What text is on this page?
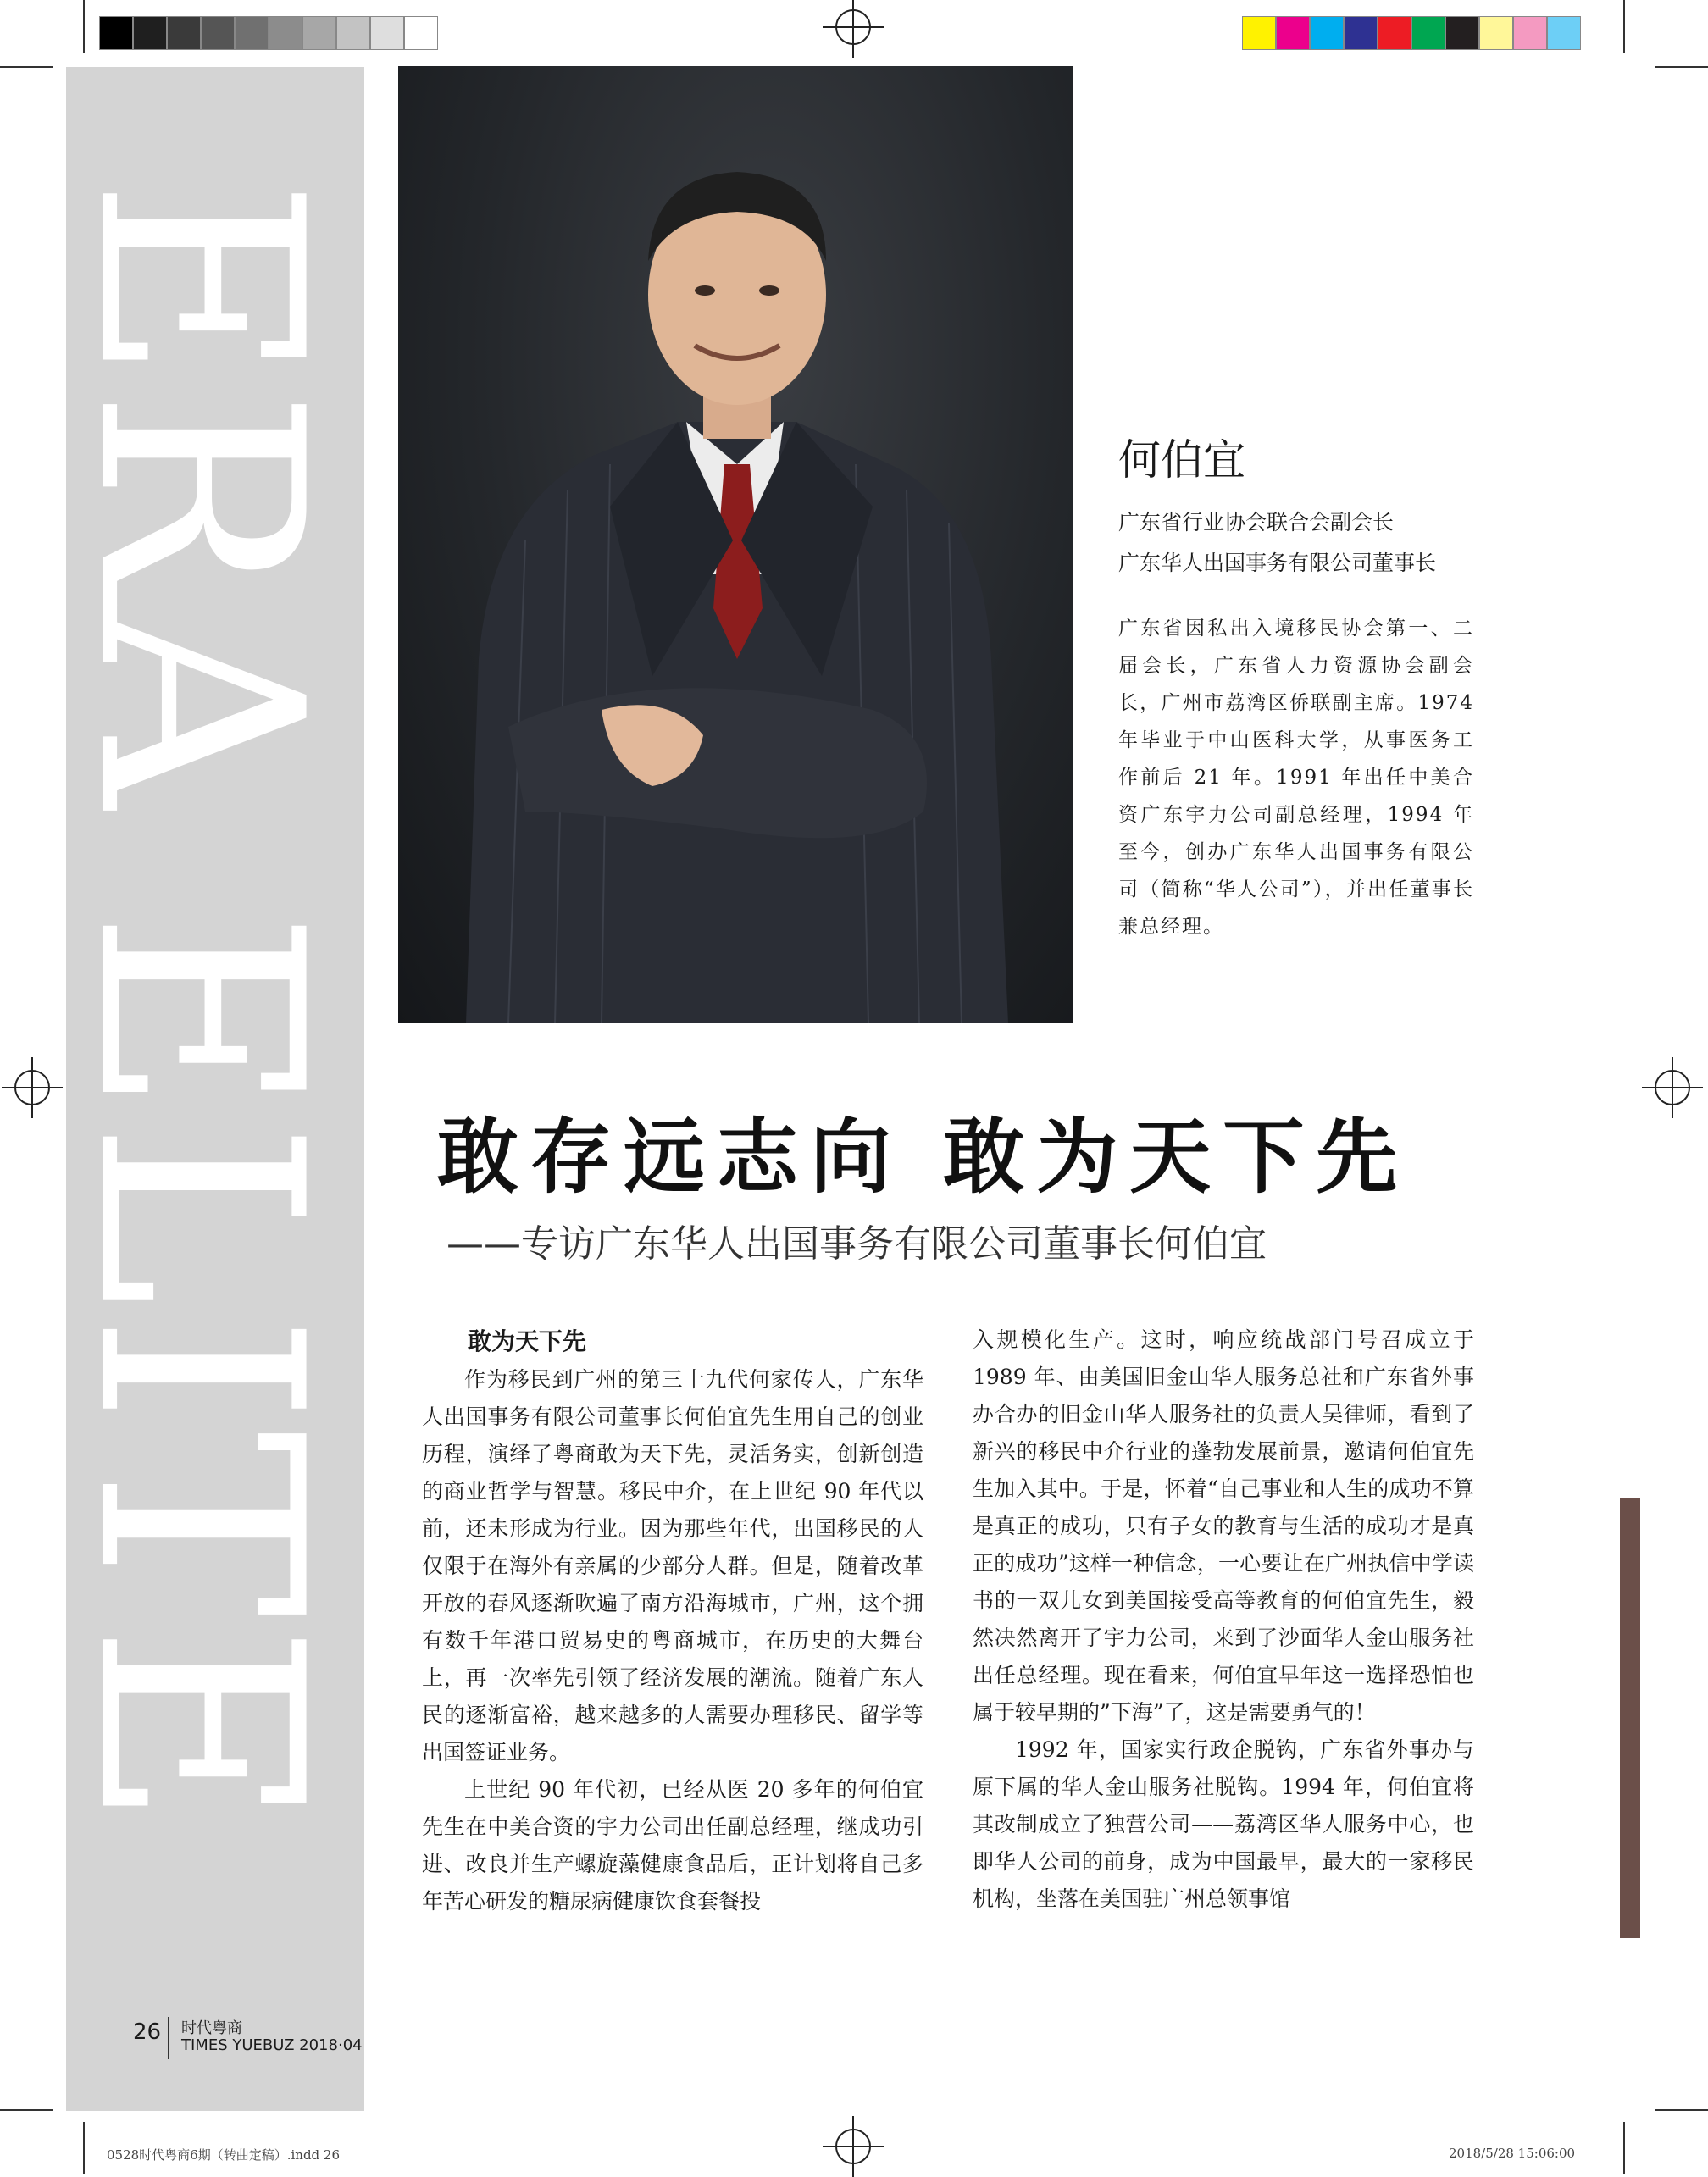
ERA ELITE	何伯宜
广东省行业协会联合会副会长
广东华人出国事务有限公司董事长
广东省因私出入境移民协会第一、二届会长，广东省人力资源协会副会长，广州市荔湾区侨联副主席。1974 年毕业于中山医科大学，从事医务工作前后 21 年。1991 年出任中美合资广东宇力公司副总经理，1994 年至今，创办广东华人出国事务有限公司（简称“华人公司”），并出任董事长兼总经理。
敢存远志向 敢为天下先
——专访广东华人出国事务有限公司董事长何伯宜
敢为天下先

作为移民到广州的第三十九代何家传人，广东华人出国事务有限公司董事长何伯宜先生用自己的创业历程，演绎了粤商敢为天下先，灵活务实，创新创造的商业哲学与智慧。移民中介，在上世纪 90 年代以前，还未形成为行业。因为那些年代，出国移民的人仅限于在海外有亲属的少部分人群。但是，随着改革开放的春风逐渐吹遍了南方沿海城市，广州，这个拥有数千年港口贸易史的粤商城市，在历史的大舞台上，再一次率先引领了经济发展的潮流。随着广东人民的逐渐富裕，越来越多的人需要办理移民、留学等出国签证业务。

上世纪 90 年代初，已经从医 20 多年的何伯宜先生在中美合资的宇力公司出任副总经理，继成功引进、改良并生产螺旋藻健康食品后，正计划将自己多年苦心研发的糖尿病健康饮食套餐投

入规模化生产。这时，响应统战部门号召成立于 1989 年、由美国旧金山华人服务总社和广东省外事办合办的旧金山华人服务社的负责人吴律师，看到了新兴的移民中介行业的蓬勃发展前景，邀请何伯宜先生加入其中。于是，怀着“自己事业和人生的成功不算是真正的成功，只有子女的教育与生活的成功才是真正的成功”这样一种信念，一心要让在广州执信中学读书的一双儿女到美国接受高等教育的何伯宜先生，毅然决然离开了宇力公司，来到了沙面华人金山服务社出任总经理。现在看来，何伯宜早年这一选择恐怕也属于较早期的”下海”了，这是需要勇气的！

1992 年，国家实行政企脱钩，广东省外事办与原下属的华人金山服务社脱钩。1994 年，何伯宜将其改制成立了独营公司——荔湾区华人服务中心，也即华人公司的前身，成为中国最早，最大的一家移民机构，坐落在美国驻广州总领事馆

26 时代粤商
TIMES YUEBUZ 2018·04
0528时代粤商6期（转曲定稿）.indd 26	2018/5/28 15:06:00
